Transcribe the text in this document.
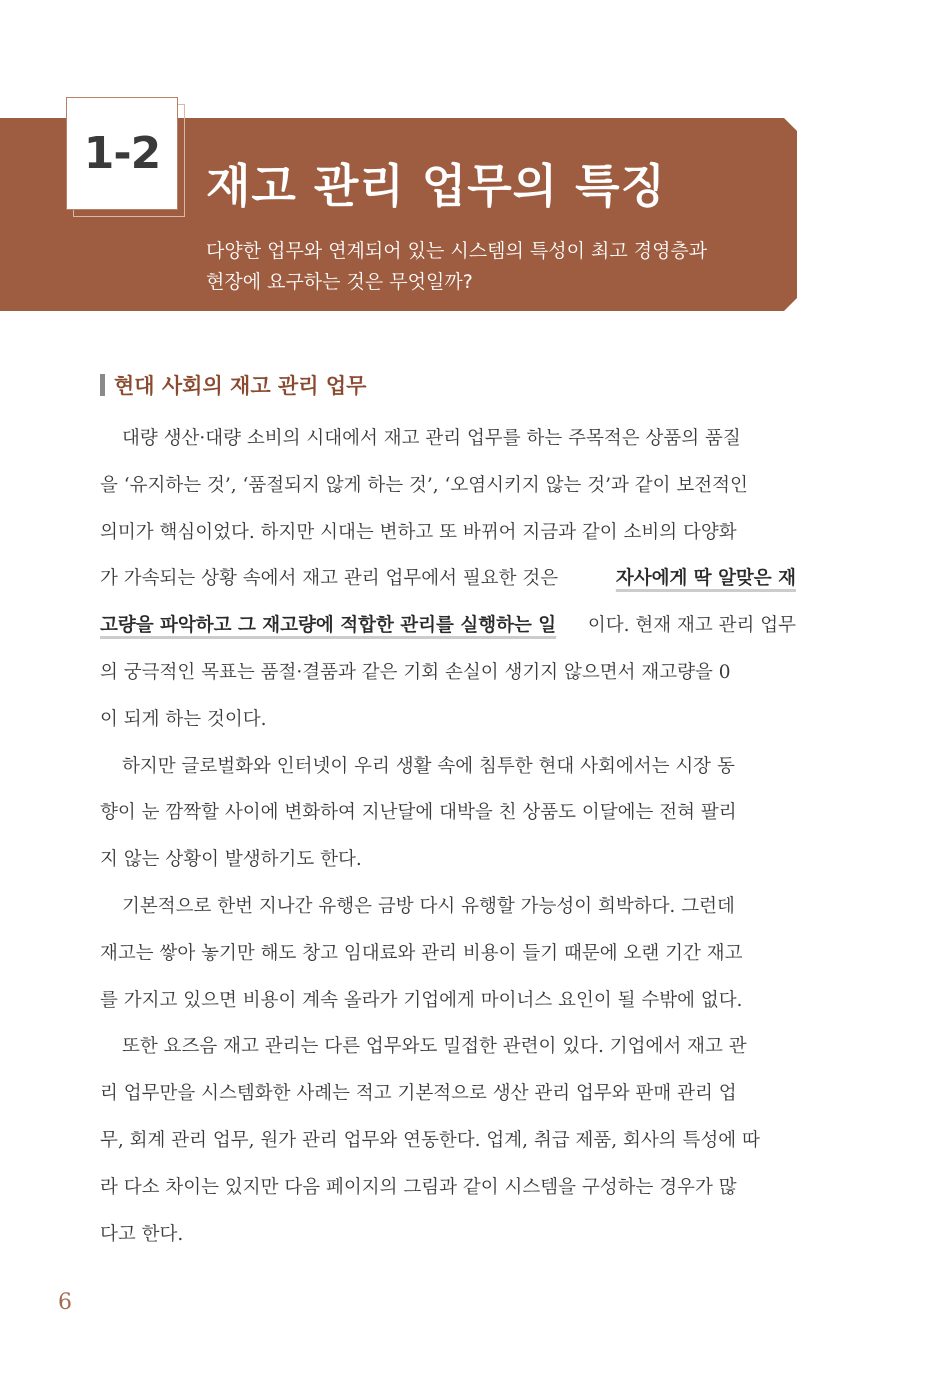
1-2
재고 관리 업무의 특징
다양한 업무와 연계되어 있는 시스템의 특성이 최고 경영층과
현장에 요구하는 것은 무엇일까?
현대 사회의 재고 관리 업무
대량 생산·대량 소비의 시대에서 재고 관리 업무를 하는 주목적은 상품의 품질
을 ‘유지하는 것’, ‘품절되지 않게 하는 것’, ‘오염시키지 않는 것’과 같이 보전적인
의미가 핵심이었다. 하지만 시대는 변하고 또 바뀌어 지금과 같이 소비의 다양화
가 가속되는 상황 속에서 재고 관리 업무에서 필요한 것은	자사에게 딱 알맞은 재
고량을 파악하고 그 재고량에 적합한 관리를 실행하는 일 이다. 현재 재고 관리 업무
의 궁극적인 목표는 품절·결품과 같은 기회 손실이 생기지 않으면서 재고량을 0
이 되게 하는 것이다.
하지만 글로벌화와 인터넷이 우리 생활 속에 침투한 현대 사회에서는 시장 동
향이 눈 깜짝할 사이에 변화하여 지난달에 대박을 친 상품도 이달에는 전혀 팔리
지 않는 상황이 발생하기도 한다.
기본적으로 한번 지나간 유행은 금방 다시 유행할 가능성이 희박하다. 그런데
재고는 쌓아 놓기만 해도 창고 임대료와 관리 비용이 들기 때문에 오랜 기간 재고
를 가지고 있으면 비용이 계속 올라가 기업에게 마이너스 요인이 될 수밖에 없다.
또한 요즈음 재고 관리는 다른 업무와도 밀접한 관련이 있다. 기업에서 재고 관
리 업무만을 시스템화한 사례는 적고 기본적으로 생산 관리 업무와 판매 관리 업
무, 회계 관리 업무, 원가 관리 업무와 연동한다. 업계, 취급 제품, 회사의 특성에 따
라 다소 차이는 있지만 다음 페이지의 그림과 같이 시스템을 구성하는 경우가 많
다고 한다.
6
